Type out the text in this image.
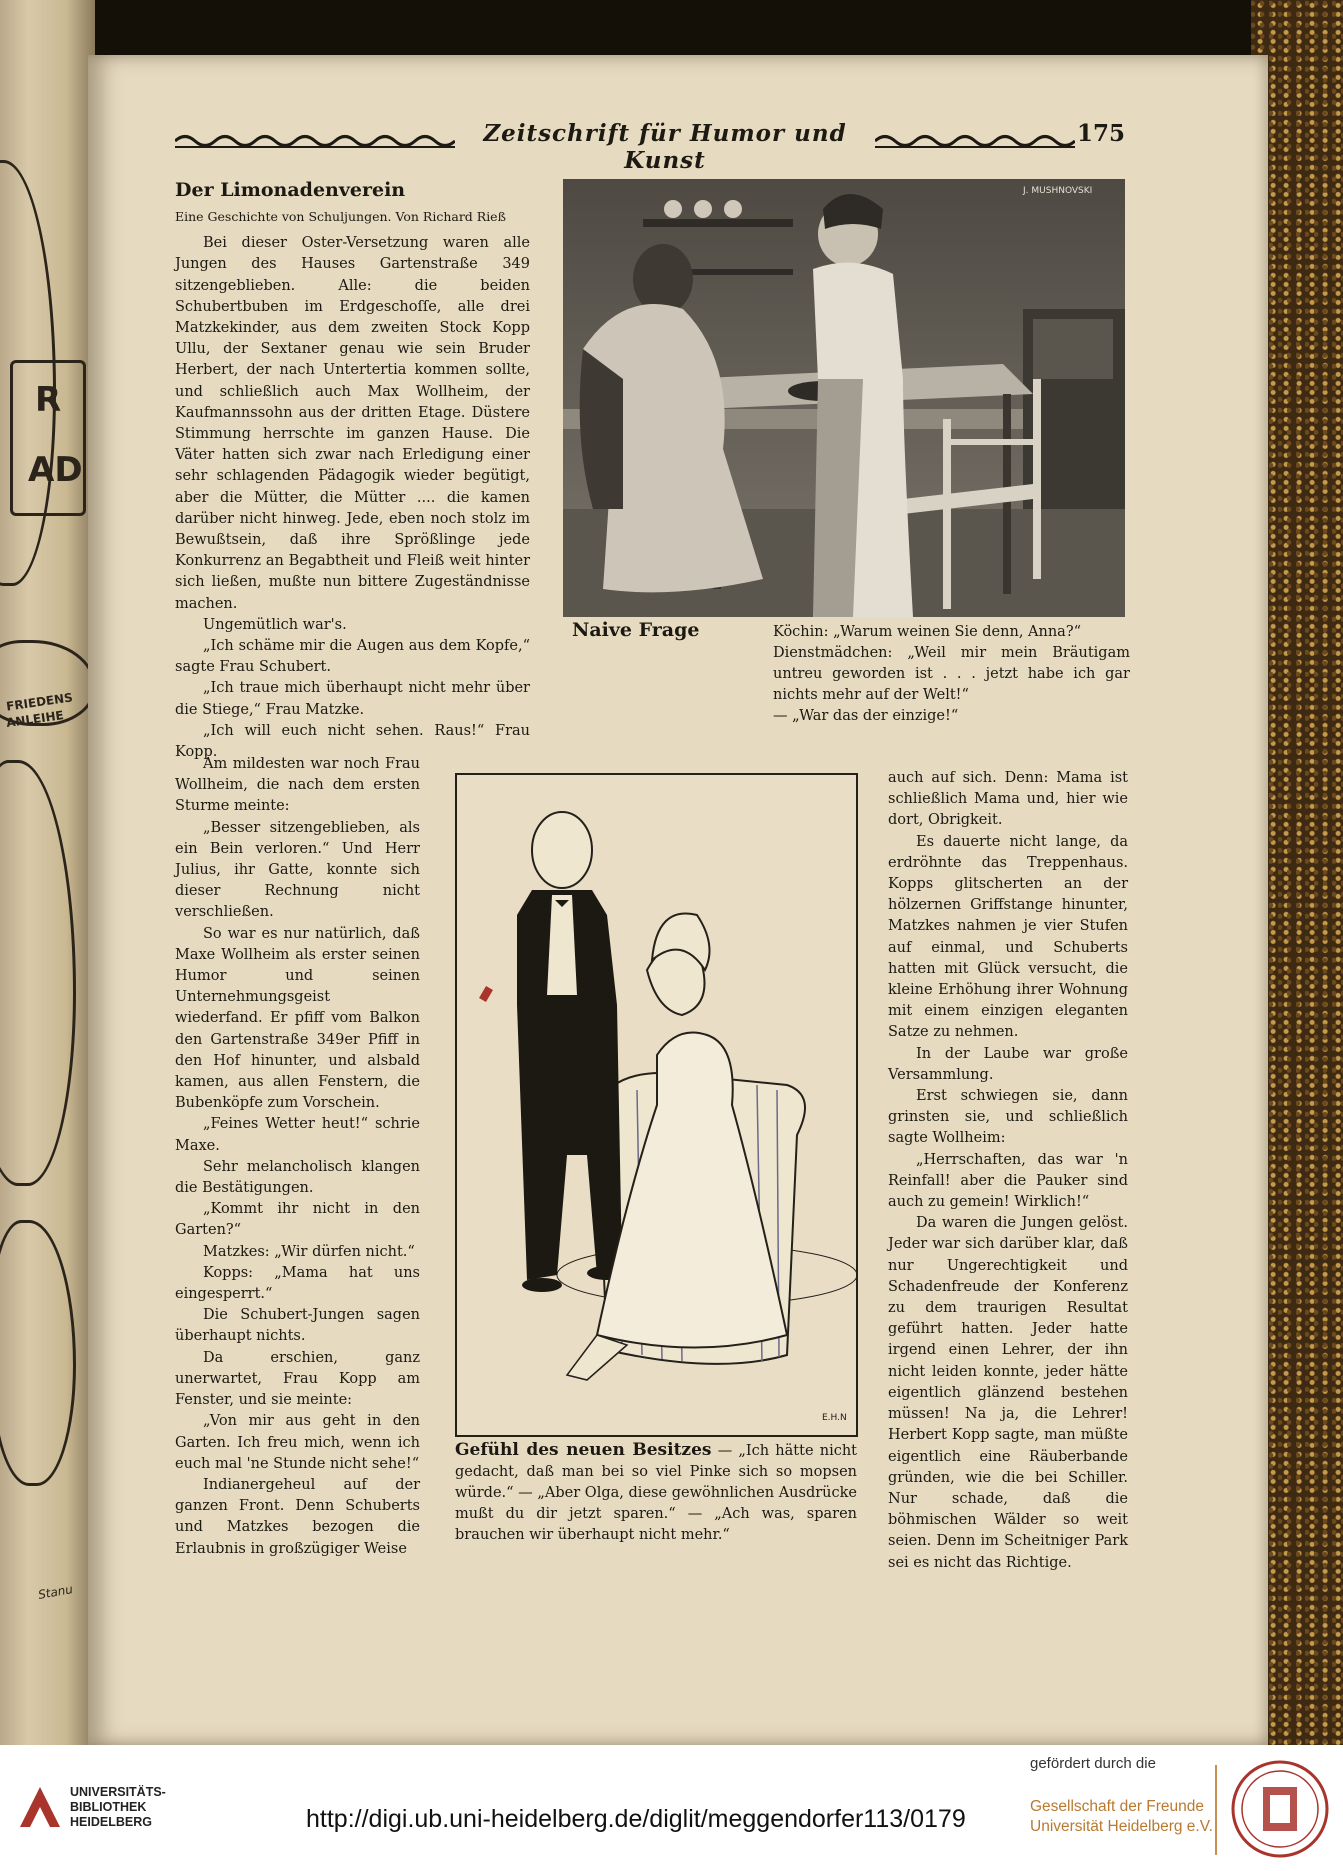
R
AD
FRIEDENS
ANLEIHE
Stanu
Zeitschrift für Humor und Kunst
175
Der Limonadenverein
Eine Geschichte von Schuljungen. Von Richard Rieß

Bei dieser Oster-Versetzung waren alle Jungen des Hauses Gartenstraße 349 sitzengeblieben. Alle: die beiden Schubertbuben im Erdgeschoſſe, alle drei Matzkekinder, aus dem zweiten Stock Kopp Ullu, der Sextaner genau wie sein Bruder Herbert, der nach Untertertia kommen sollte, und schließlich auch Max Wollheim, der Kaufmannssohn aus der dritten Etage. Düstere Stimmung herrschte im ganzen Hause. Die Väter hatten sich zwar nach Erledigung einer sehr schlagenden Pädagogik wieder begütigt, aber die Mütter, die Mütter .... die kamen darüber nicht hinweg. Jede, eben noch stolz im Bewußtsein, daß ihre Sprößlinge jede Konkurrenz an Begabtheit und Fleiß weit hinter sich ließen, mußte nun bittere Zugeständnisse machen.

Ungemütlich war's.

„Ich schäme mir die Augen aus dem Kopfe,“ sagte Frau Schubert.

„Ich traue mich überhaupt nicht mehr über die Stiege,“ Frau Matzke.

„Ich will euch nicht sehen. Raus!“ Frau Kopp.

Am mildesten war noch Frau Wollheim, die nach dem ersten Sturme meinte:

„Besser sitzengeblieben, als ein Bein verloren.“ Und Herr Julius, ihr Gatte, konnte sich dieser Rechnung nicht verschließen.

So war es nur natürlich, daß Maxe Wollheim als erster seinen Humor und seinen Unternehmungsgeist wiederfand. Er pfiff vom Balkon den Gartenstraße 349er Pfiff in den Hof hinunter, und alsbald kamen, aus allen Fenstern, die Bubenköpfe zum Vorschein.

„Feines Wetter heut!“ schrie Maxe.

Sehr melancholisch klangen die Bestätigungen.

„Kommt ihr nicht in den Garten?“

Matzkes: „Wir dürfen nicht.“

Kopps: „Mama hat uns eingesperrt.“

Die Schubert-Jungen sagen überhaupt nichts.

Da erschien, ganz unerwartet, Frau Kopp am Fenster, und sie meinte:

„Von mir aus geht in den Garten. Ich freu mich, wenn ich euch mal 'ne Stunde nicht sehe!“

Indianergeheul auf der ganzen Front. Denn Schuberts und Matzkes bezogen die Erlaubnis in großzügiger Weise

auch auf sich. Denn: Mama ist schließlich Mama und, hier wie dort, Obrigkeit.

Es dauerte nicht lange, da erdröhnte das Treppenhaus. Kopps glitscherten an der hölzernen Griffstange hinunter, Matzkes nahmen je vier Stufen auf einmal, und Schuberts hatten mit Glück versucht, die kleine Erhöhung ihrer Wohnung mit einem einzigen eleganten Satze zu nehmen.

In der Laube war große Versammlung.

Erst schwiegen sie, dann grinsten sie, und schließlich sagte Wollheim:

„Herrschaften, das war 'n Reinfall! aber die Pauker sind auch zu gemein! Wirklich!“

Da waren die Jungen gelöst. Jeder war sich darüber klar, daß nur Ungerechtigkeit und Schadenfreude der Konferenz zu dem traurigen Resultat geführt hatten. Jeder hatte irgend einen Lehrer, der ihn nicht leiden konnte, jeder hätte eigentlich glänzend bestehen müssen! Na ja, die Lehrer! Herbert Kopp sagte, man müßte eigentlich eine Räuberbande gründen, wie die bei Schiller. Nur schade, daß die böhmischen Wälder so weit seien. Denn im Scheitniger Park sei es nicht das Richtige.

J. MUSHNOVSKI
Naive Frage	Köchin: „Warum weinen Sie denn, Anna?“

Dienstmädchen: „Weil mir mein Bräutigam untreu geworden ist . . . jetzt habe ich gar nichts mehr auf der Welt!“

— „War das der einzige!“

E.H.N

Gefühl des neuen Besitzes — „Ich hätte nicht gedacht, daß man bei so viel Pinke sich so mopsen würde.“ — „Aber Olga, diese gewöhnlichen Ausdrücke mußt du dir jetzt sparen.“ — „Ach was, sparen brauchen wir überhaupt nicht mehr.“

UNIVERSITÄTS-
BIBLIOTHEK
HEIDELBERG	http://digi.ub.uni-heidelberg.de/diglit/meggendorfer113/0179
gefördert durch die
Gesellschaft der Freunde
Universität Heidelberg e.V.
